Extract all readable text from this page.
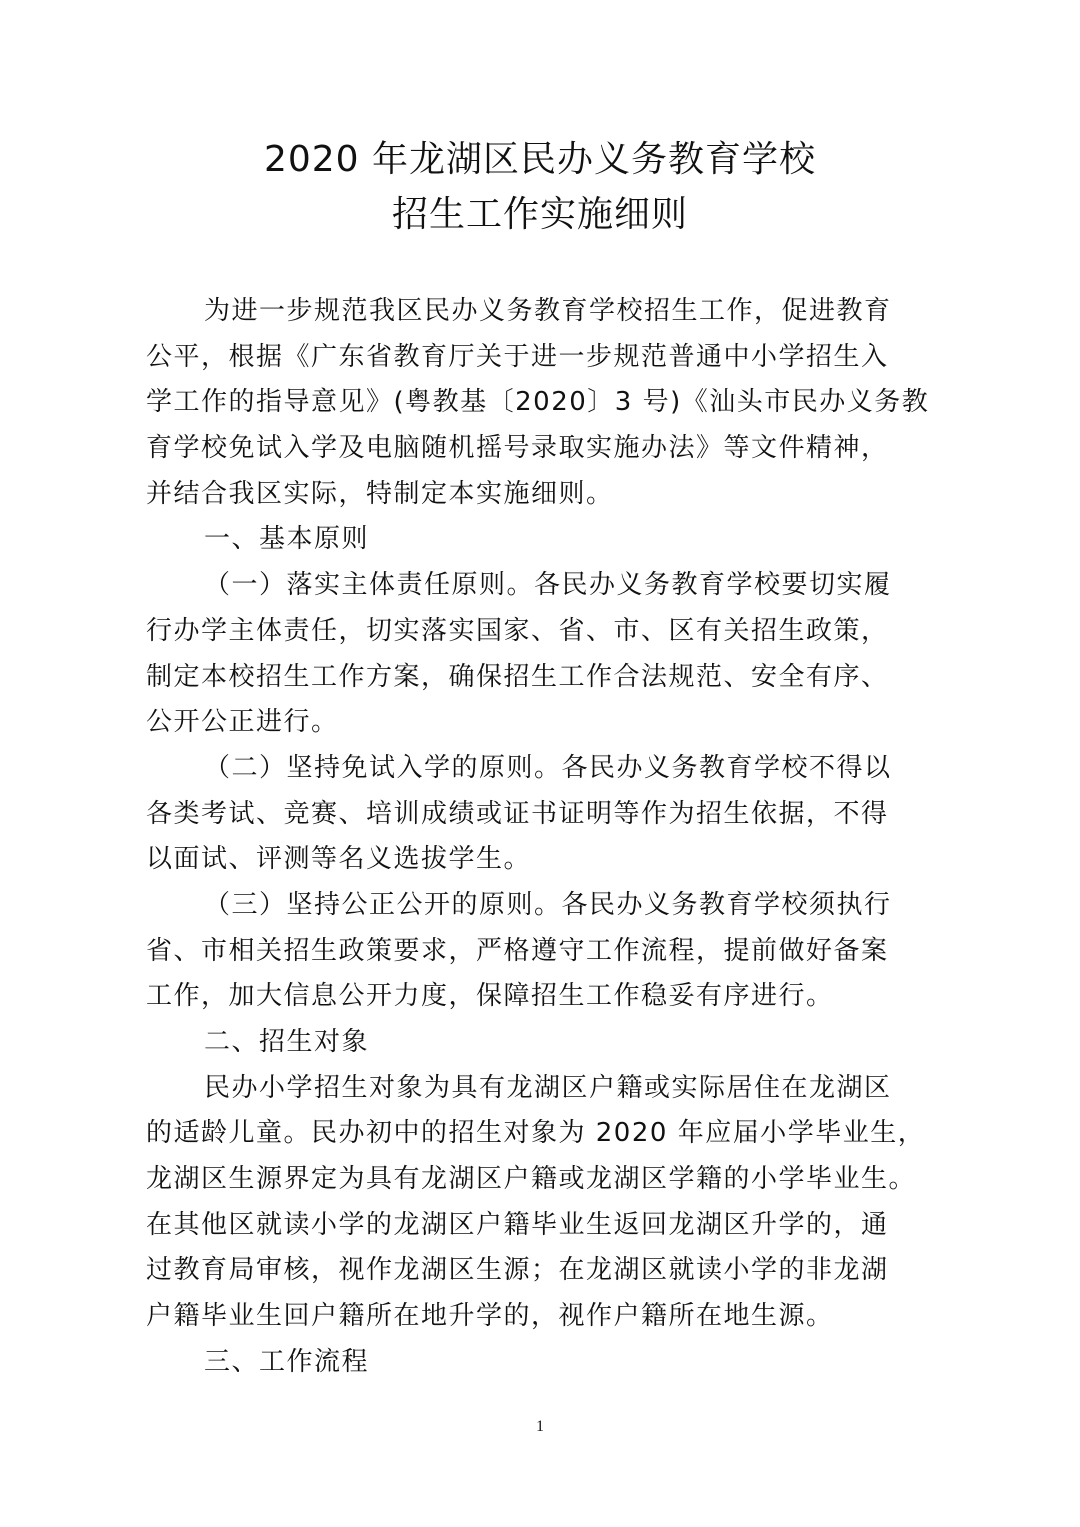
2020 年龙湖区民办义务教育学校
招生工作实施细则
为进一步规范我区民办义务教育学校招生工作，促进教育
公平，根据《广东省教育厅关于进一步规范普通中小学招生入
学工作的指导意见》(粤教基〔2020〕3 号)《汕头市民办义务教
育学校免试入学及电脑随机摇号录取实施办法》等文件精神，
并结合我区实际，特制定本实施细则。
一、基本原则
（一）落实主体责任原则。各民办义务教育学校要切实履
行办学主体责任，切实落实国家、省、市、区有关招生政策，
制定本校招生工作方案，确保招生工作合法规范、安全有序、
公开公正进行。
（二）坚持免试入学的原则。各民办义务教育学校不得以
各类考试、竞赛、培训成绩或证书证明等作为招生依据，不得
以面试、评测等名义选拔学生。
（三）坚持公正公开的原则。各民办义务教育学校须执行
省、市相关招生政策要求，严格遵守工作流程，提前做好备案
工作，加大信息公开力度，保障招生工作稳妥有序进行。
二、招生对象
民办小学招生对象为具有龙湖区户籍或实际居住在龙湖区
的适龄儿童。民办初中的招生对象为 2020 年应届小学毕业生，
龙湖区生源界定为具有龙湖区户籍或龙湖区学籍的小学毕业生。
在其他区就读小学的龙湖区户籍毕业生返回龙湖区升学的，通
过教育局审核，视作龙湖区生源；在龙湖区就读小学的非龙湖
户籍毕业生回户籍所在地升学的，视作户籍所在地生源。
三、工作流程
1
